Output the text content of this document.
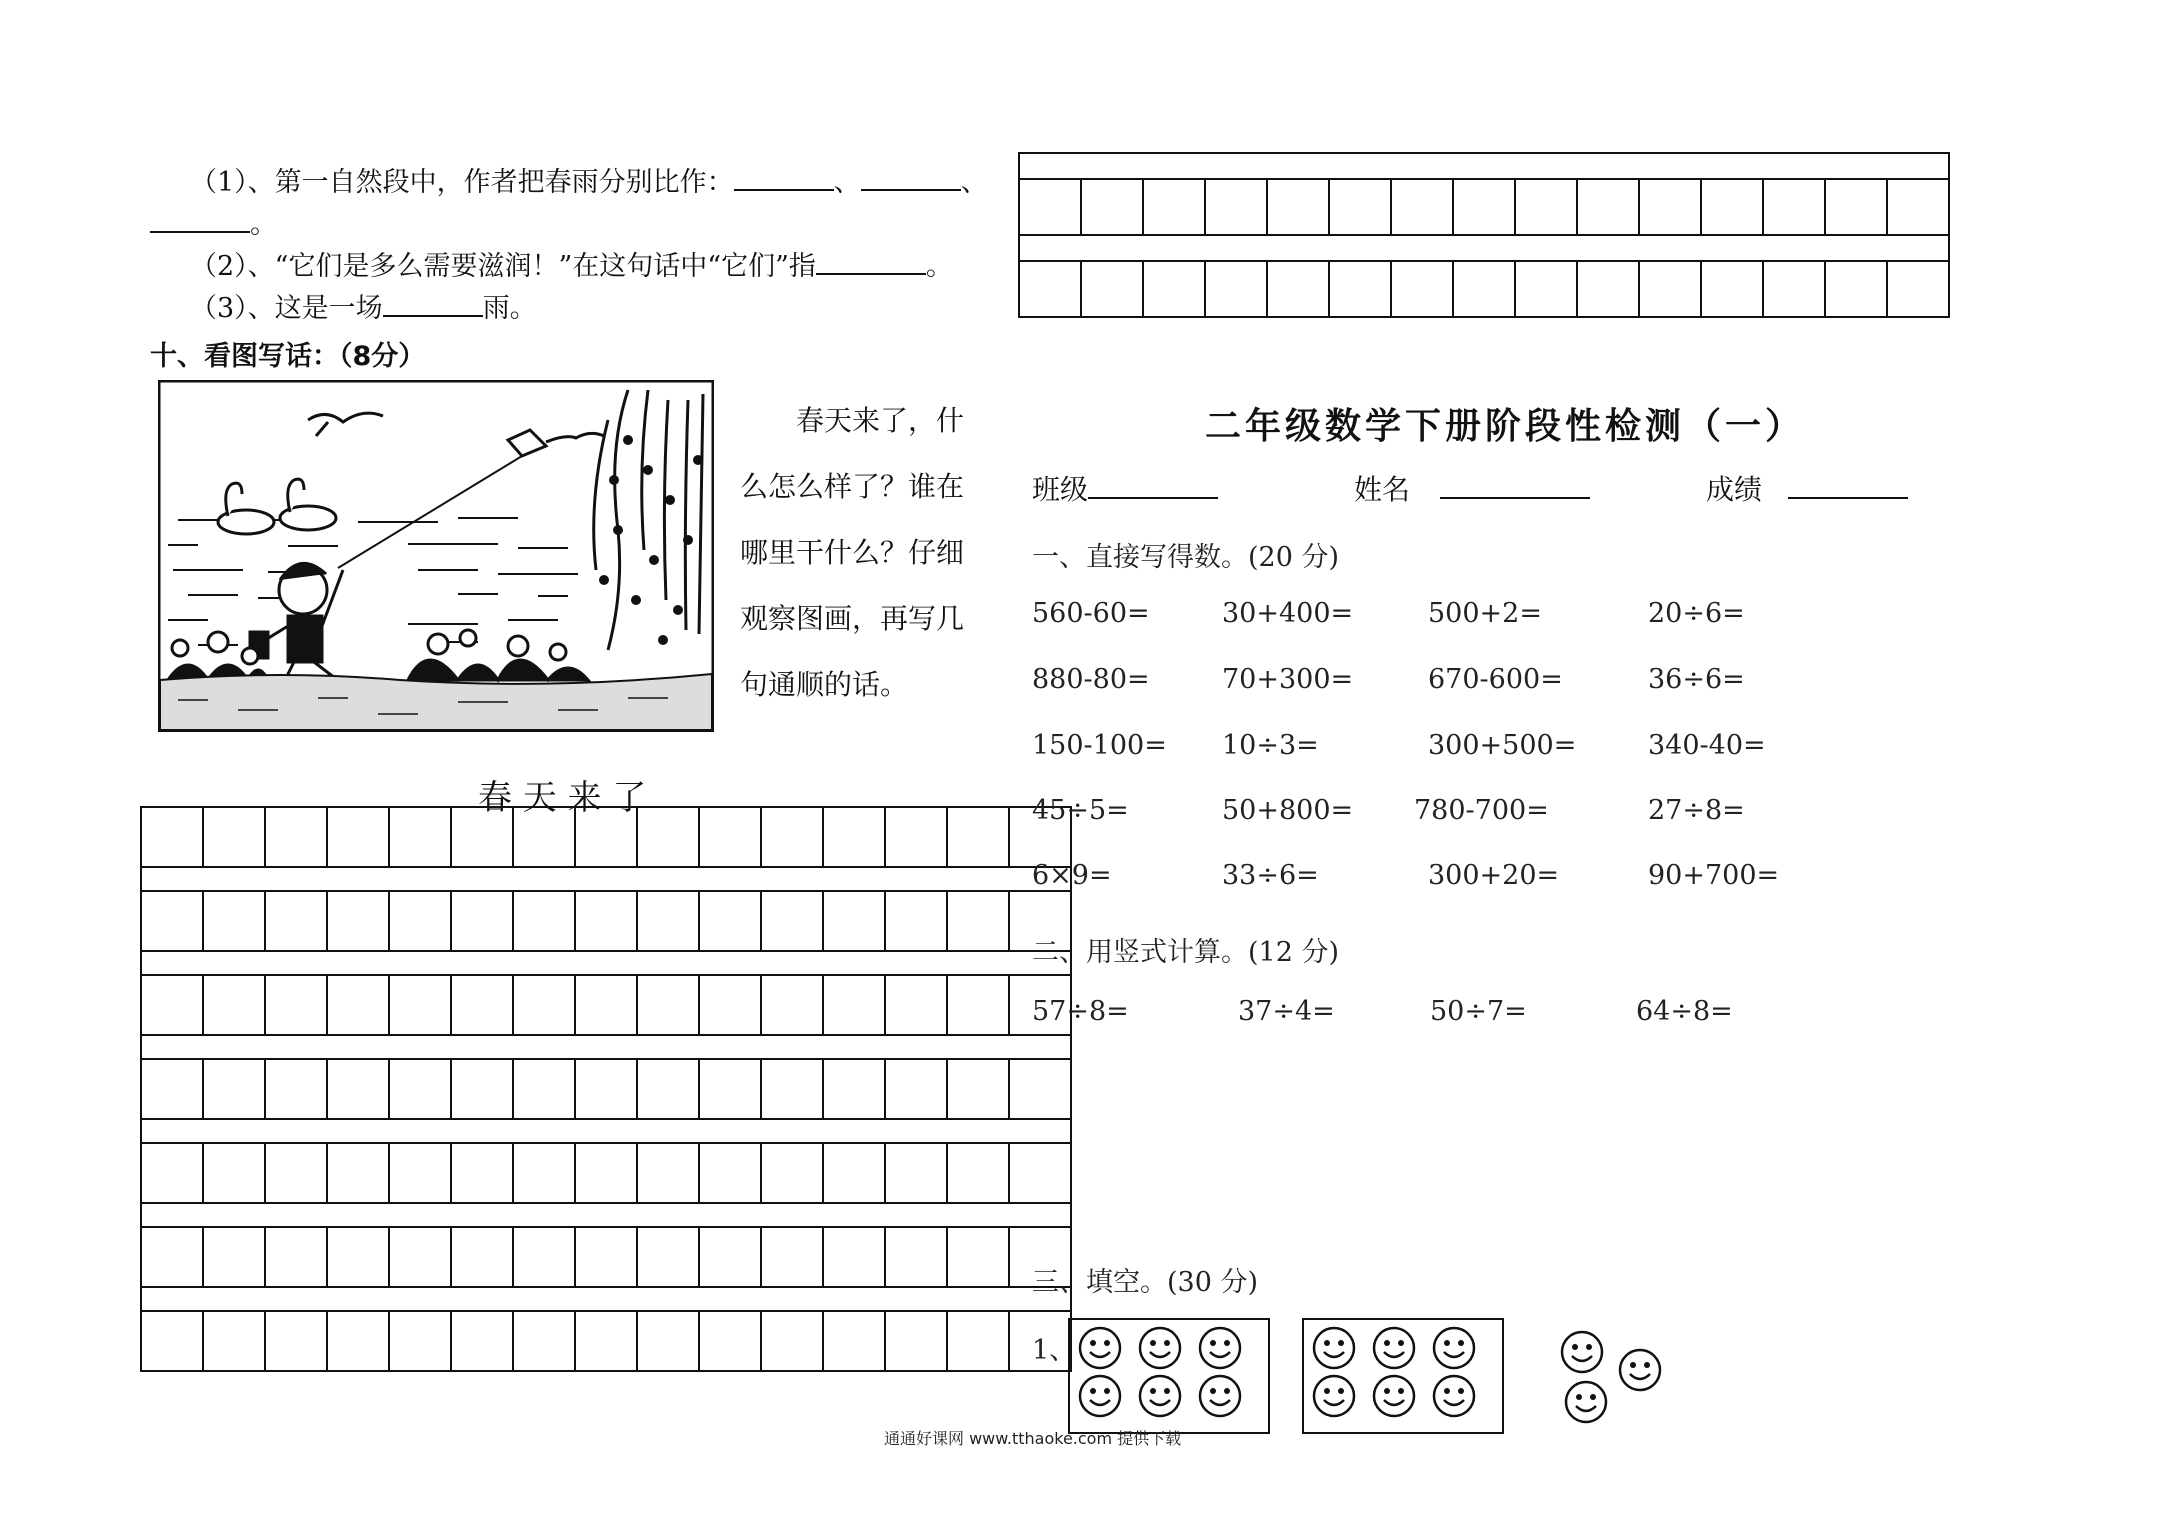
（1）、第一自然段中，作者把春雨分别比作：	、	、
。
（2）、“它们是多么需要滋润！”在这句话中“它们”指	。
（3）、这是一场	雨。
十、看图写话：（8分）
春天来了，什
么怎么样了？谁在
哪里干什么？仔细
观察图画，再写几
句通顺的话。
春 天 来 了
二年级数学下册阶段性检测（一）
班级	姓名	成绩
一、直接写得数。(20 分)
560-60=	30+400=	500+2=	20÷6=
880-80=	70+300=	670-600=	36÷6=
150-100= 10÷3=	300+500=	340-40=
45÷5=	50+800= 780-700=	27÷8=
6×9=	33÷6=	300+20=	90+700=
二、用竖式计算。(12 分)
57÷8=	37÷4=	50÷7=	64÷8=
三、填空。(30 分)
1、
通通好课网 www.tthaoke.com 提供下载
